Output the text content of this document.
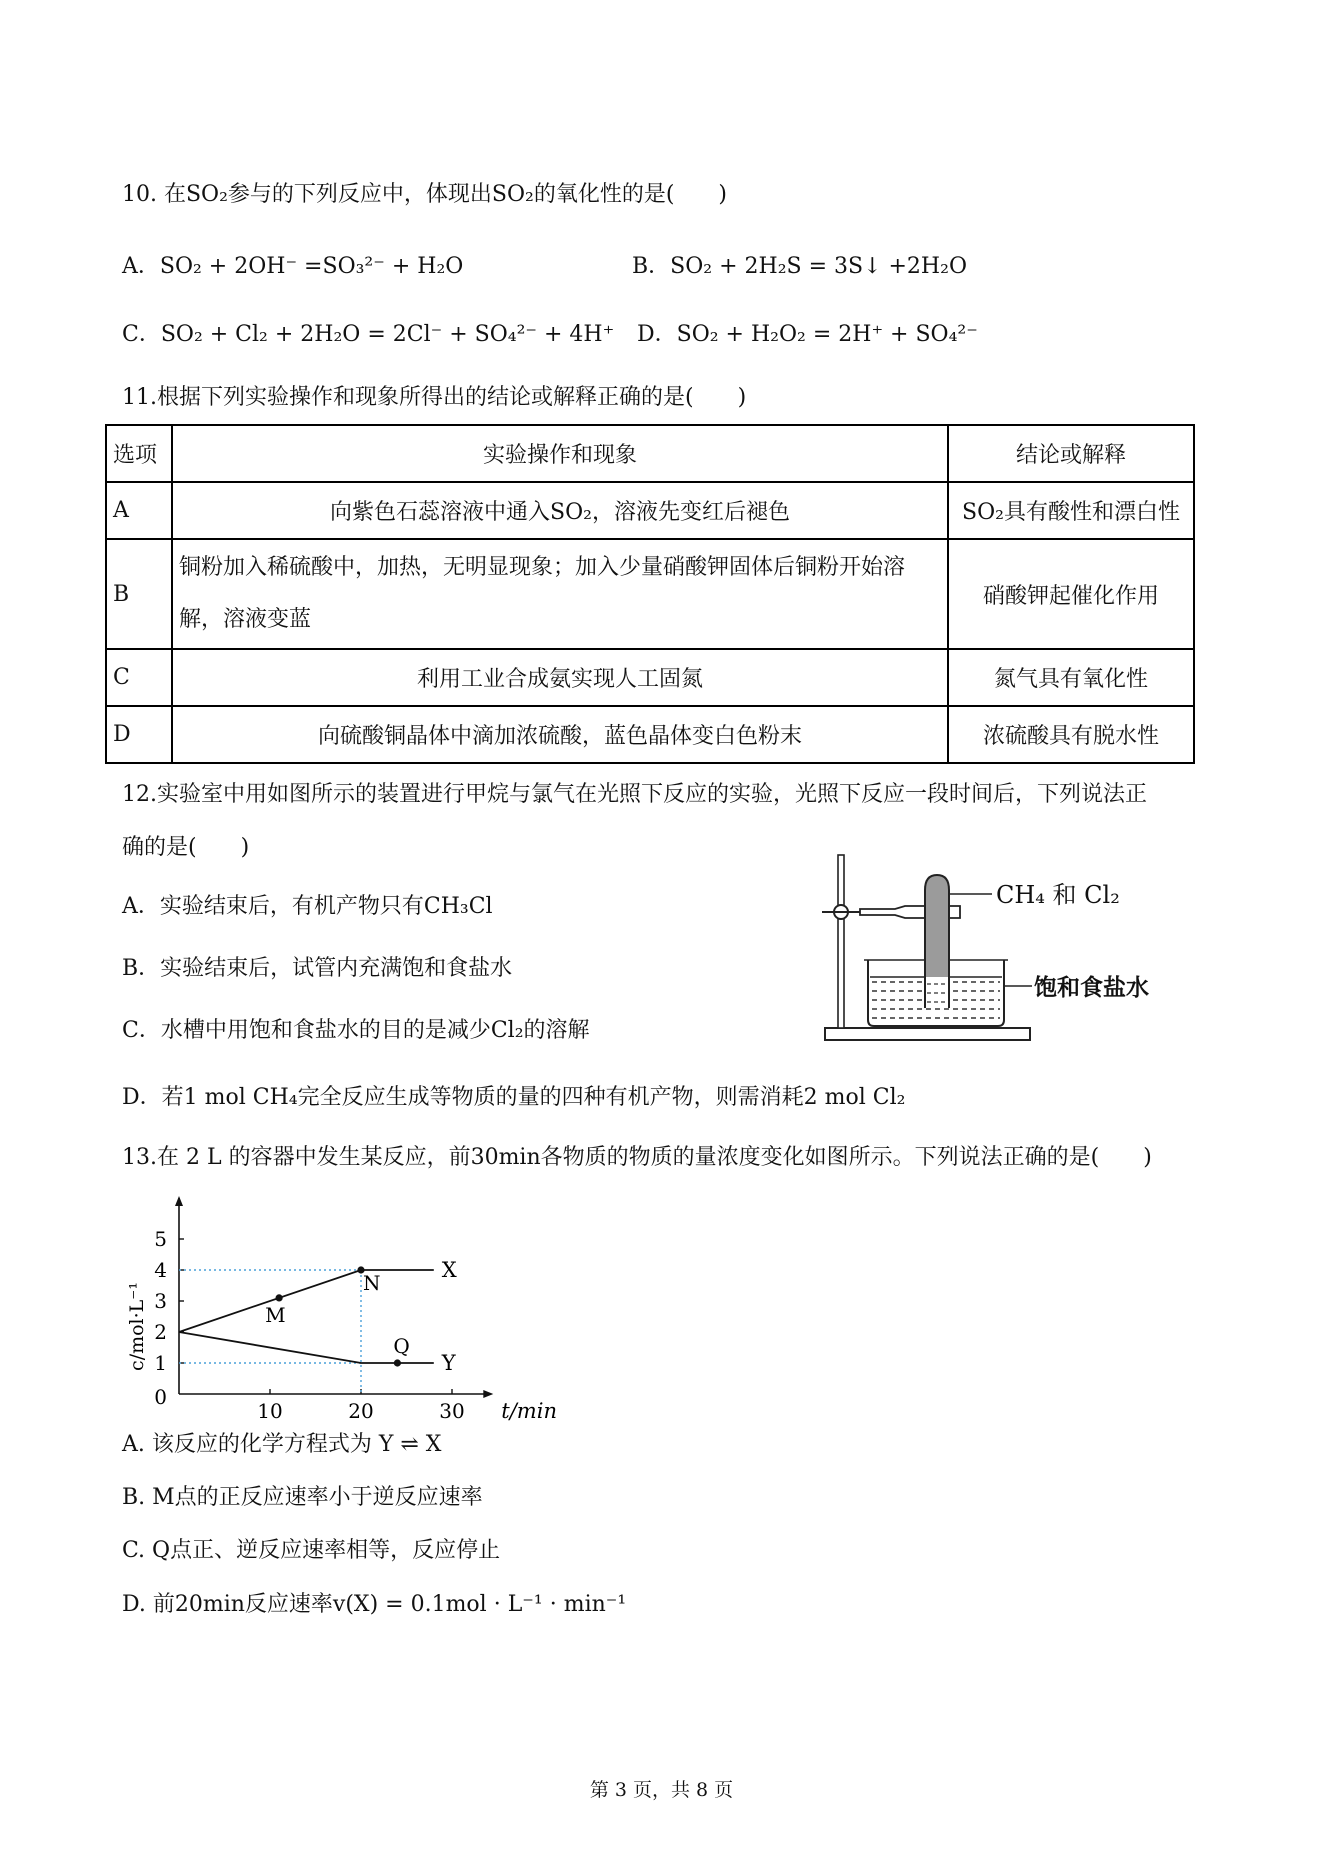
10. 在SO₂参与的下列反应中，体现出SO₂的氧化性的是(　　)
A．SO₂ + 2OH⁻ =SO₃²⁻ + H₂O	B．SO₂ + 2H₂S = 3S↓ +2H₂O
C．SO₂ + Cl₂ + 2H₂O = 2Cl⁻ + SO₄²⁻ + 4H⁺ D．SO₂ + H₂O₂ = 2H⁺ + SO₄²⁻
11.根据下列实验操作和现象所得出的结论或解释正确的是(　　)
选项	实验操作和现象	结论或解释
A	向紫色石蕊溶液中通入SO₂，溶液先变红后褪色	SO₂具有酸性和漂白性
B	铜粉加入稀硫酸中，加热，无明显现象；加入少量硝酸钾固体后铜粉开始溶解，溶液变蓝	硝酸钾起催化作用
C	利用工业合成氨实现人工固氮	氮气具有氧化性
D	向硫酸铜晶体中滴加浓硫酸，蓝色晶体变白色粉末	浓硫酸具有脱水性
12.实验室中用如图所示的装置进行甲烷与氯气在光照下反应的实验，光照下反应一段时间后，下列说法正
确的是(　　)
A．实验结束后，有机产物只有CH₃Cl
B．实验结束后，试管内充满饱和食盐水
C．水槽中用饱和食盐水的目的是减少Cl₂的溶解
D．若1 mol CH₄完全反应生成等物质的量的四种有机产物，则需消耗2 mol Cl₂
CH₄ 和 Cl₂
饱和食盐水
13.在 2 L 的容器中发生某反应，前30min各物质的物质的量浓度变化如图所示。下列说法正确的是(　　)
10	20	30
1
2
3
4
5
0
t/min
c/mol·L⁻¹
X
Y
M
N
Q
A. 该反应的化学方程式为 Y ⇌ X
B. M点的正反应速率小于逆反应速率
C. Q点正、逆反应速率相等，反应停止
D. 前20min反应速率v(X) = 0.1mol · L⁻¹ · min⁻¹
第 3 页，共 8 页
